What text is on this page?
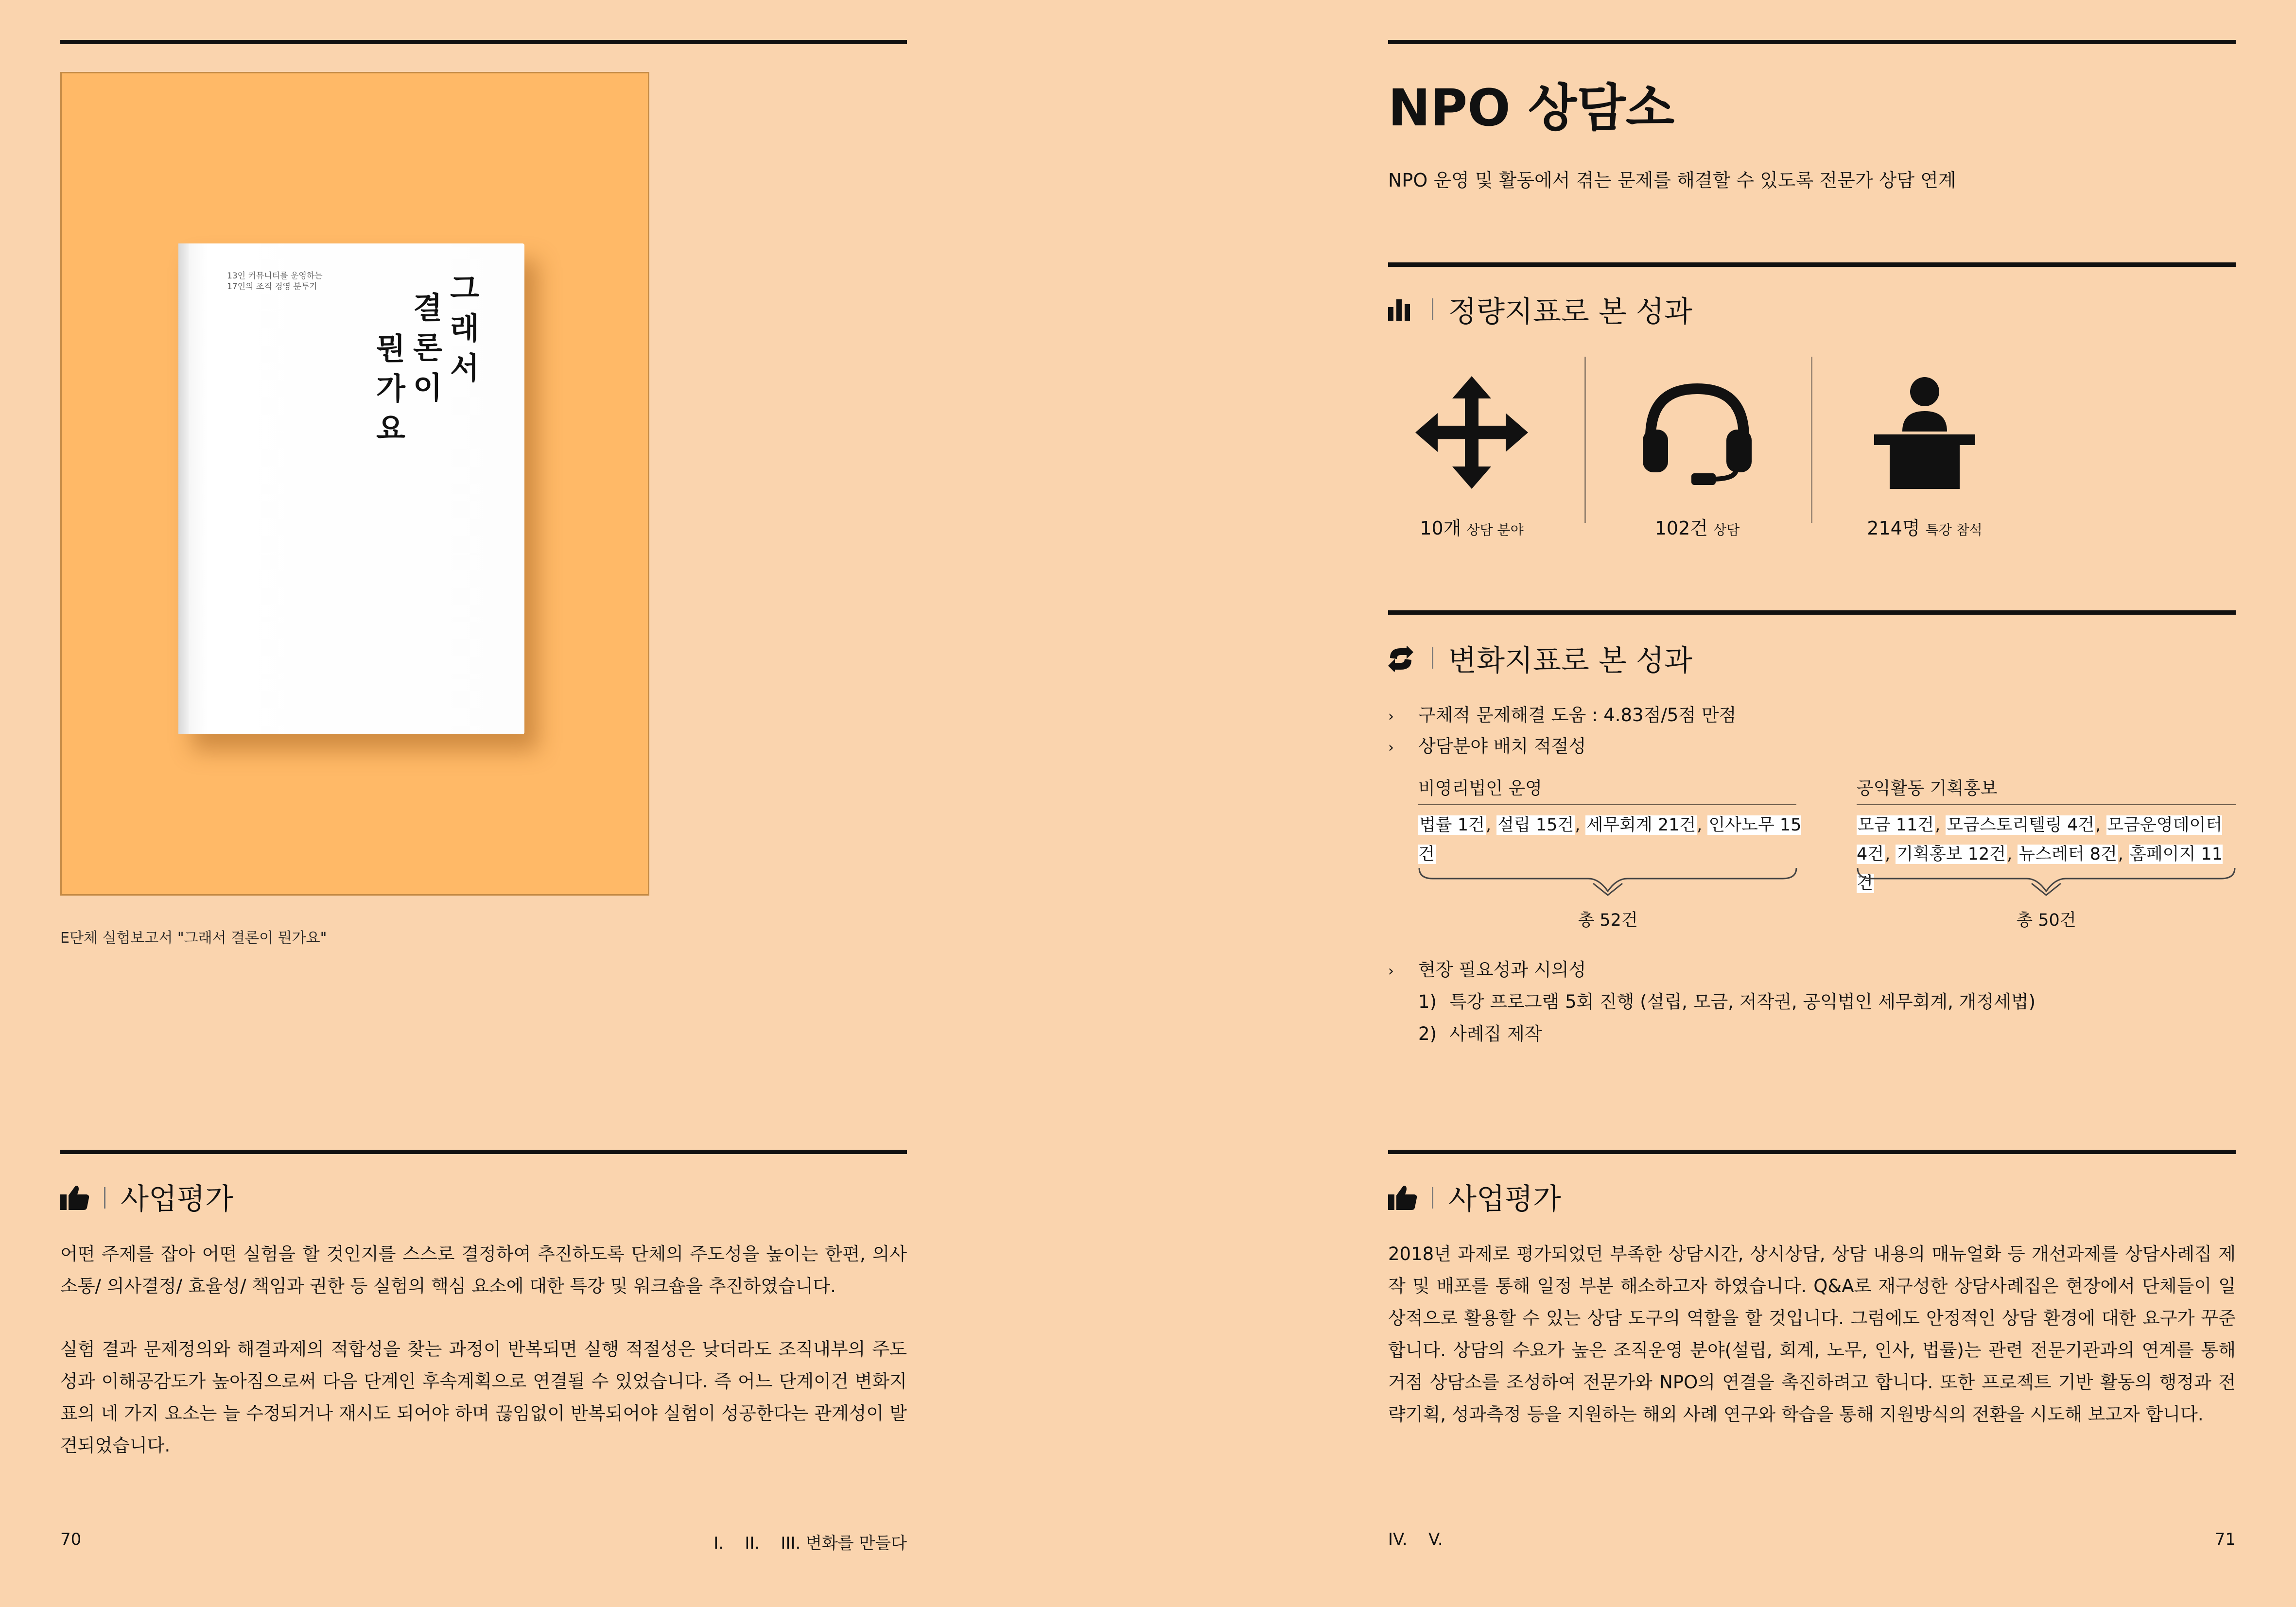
13인 커뮤니티를 운영하는
17인의 조직 경영 분투기	그래서
결론이
뭔가요
E단체 실험보고서 "그래서 결론이 뭔가요"
사업평가
어떤 주제를 잡아 어떤 실험을 할 것인지를 스스로 결정하여 추진하도록 단체의 주도성을 높이는 한편, 의사소통/ 의사결정/ 효율성/ 책임과 권한 등 실험의 핵심 요소에 대한 특강 및 워크숍을 추진하였습니다.
실험 결과 문제정의와 해결과제의 적합성을 찾는 과정이 반복되면 실행 적절성은 낮더라도 조직내부의 주도성과 이해공감도가 높아짐으로써 다음 단계인 후속계획으로 연결될 수 있었습니다. 즉 어느 단계이건 변화지표의 네 가지 요소는 늘 수정되거나 재시도 되어야 하며 끊임없이 반복되어야 실험이 성공한다는 관계성이 발견되었습니다.
70	I.    II.    III. 변화를 만들다
NPO 상담소
NPO 운영 및 활동에서 겪는 문제를 해결할 수 있도록 전문가 상담 연계
정량지표로 본 성과
10개 상담 분야	102건 상담	214명 특강 참석
변화지표로 본 성과
› 구체적 문제해결 도움 : 4.83점/5점 만점
› 상담분야 배치 적절성
비영리법인 운영
법률 1건, 설립 15건, 세무회계 21건, 인사노무 15건
총 52건
공익활동 기획홍보
모금 11건, 모금스토리텔링 4건, 모금운영데이터 4건, 기획홍보 12건, 뉴스레터 8건, 홈페이지 11건
총 50건
› 현장 필요성과 시의성
1) 특강 프로그램 5회 진행 (설립, 모금, 저작권, 공익법인 세무회계, 개정세법)
2) 사례집 제작
사업평가
2018년 과제로 평가되었던 부족한 상담시간, 상시상담, 상담 내용의 매뉴얼화 등 개선과제를 상담사례집 제작 및 배포를 통해 일정 부분 해소하고자 하였습니다. Q&A로 재구성한 상담사례집은 현장에서 단체들이 일상적으로 활용할 수 있는 상담 도구의 역할을 할 것입니다. 그럼에도 안정적인 상담 환경에 대한 요구가 꾸준합니다. 상담의 수요가 높은 조직운영 분야(설립, 회계, 노무, 인사, 법률)는 관련 전문기관과의 연계를 통해 거점 상담소를 조성하여 전문가와 NPO의 연결을 촉진하려고 합니다. 또한 프로젝트 기반 활동의 행정과 전략기획, 성과측정 등을 지원하는 해외 사례 연구와 학습을 통해 지원방식의 전환을 시도해 보고자 합니다.
IV.    V.	71
